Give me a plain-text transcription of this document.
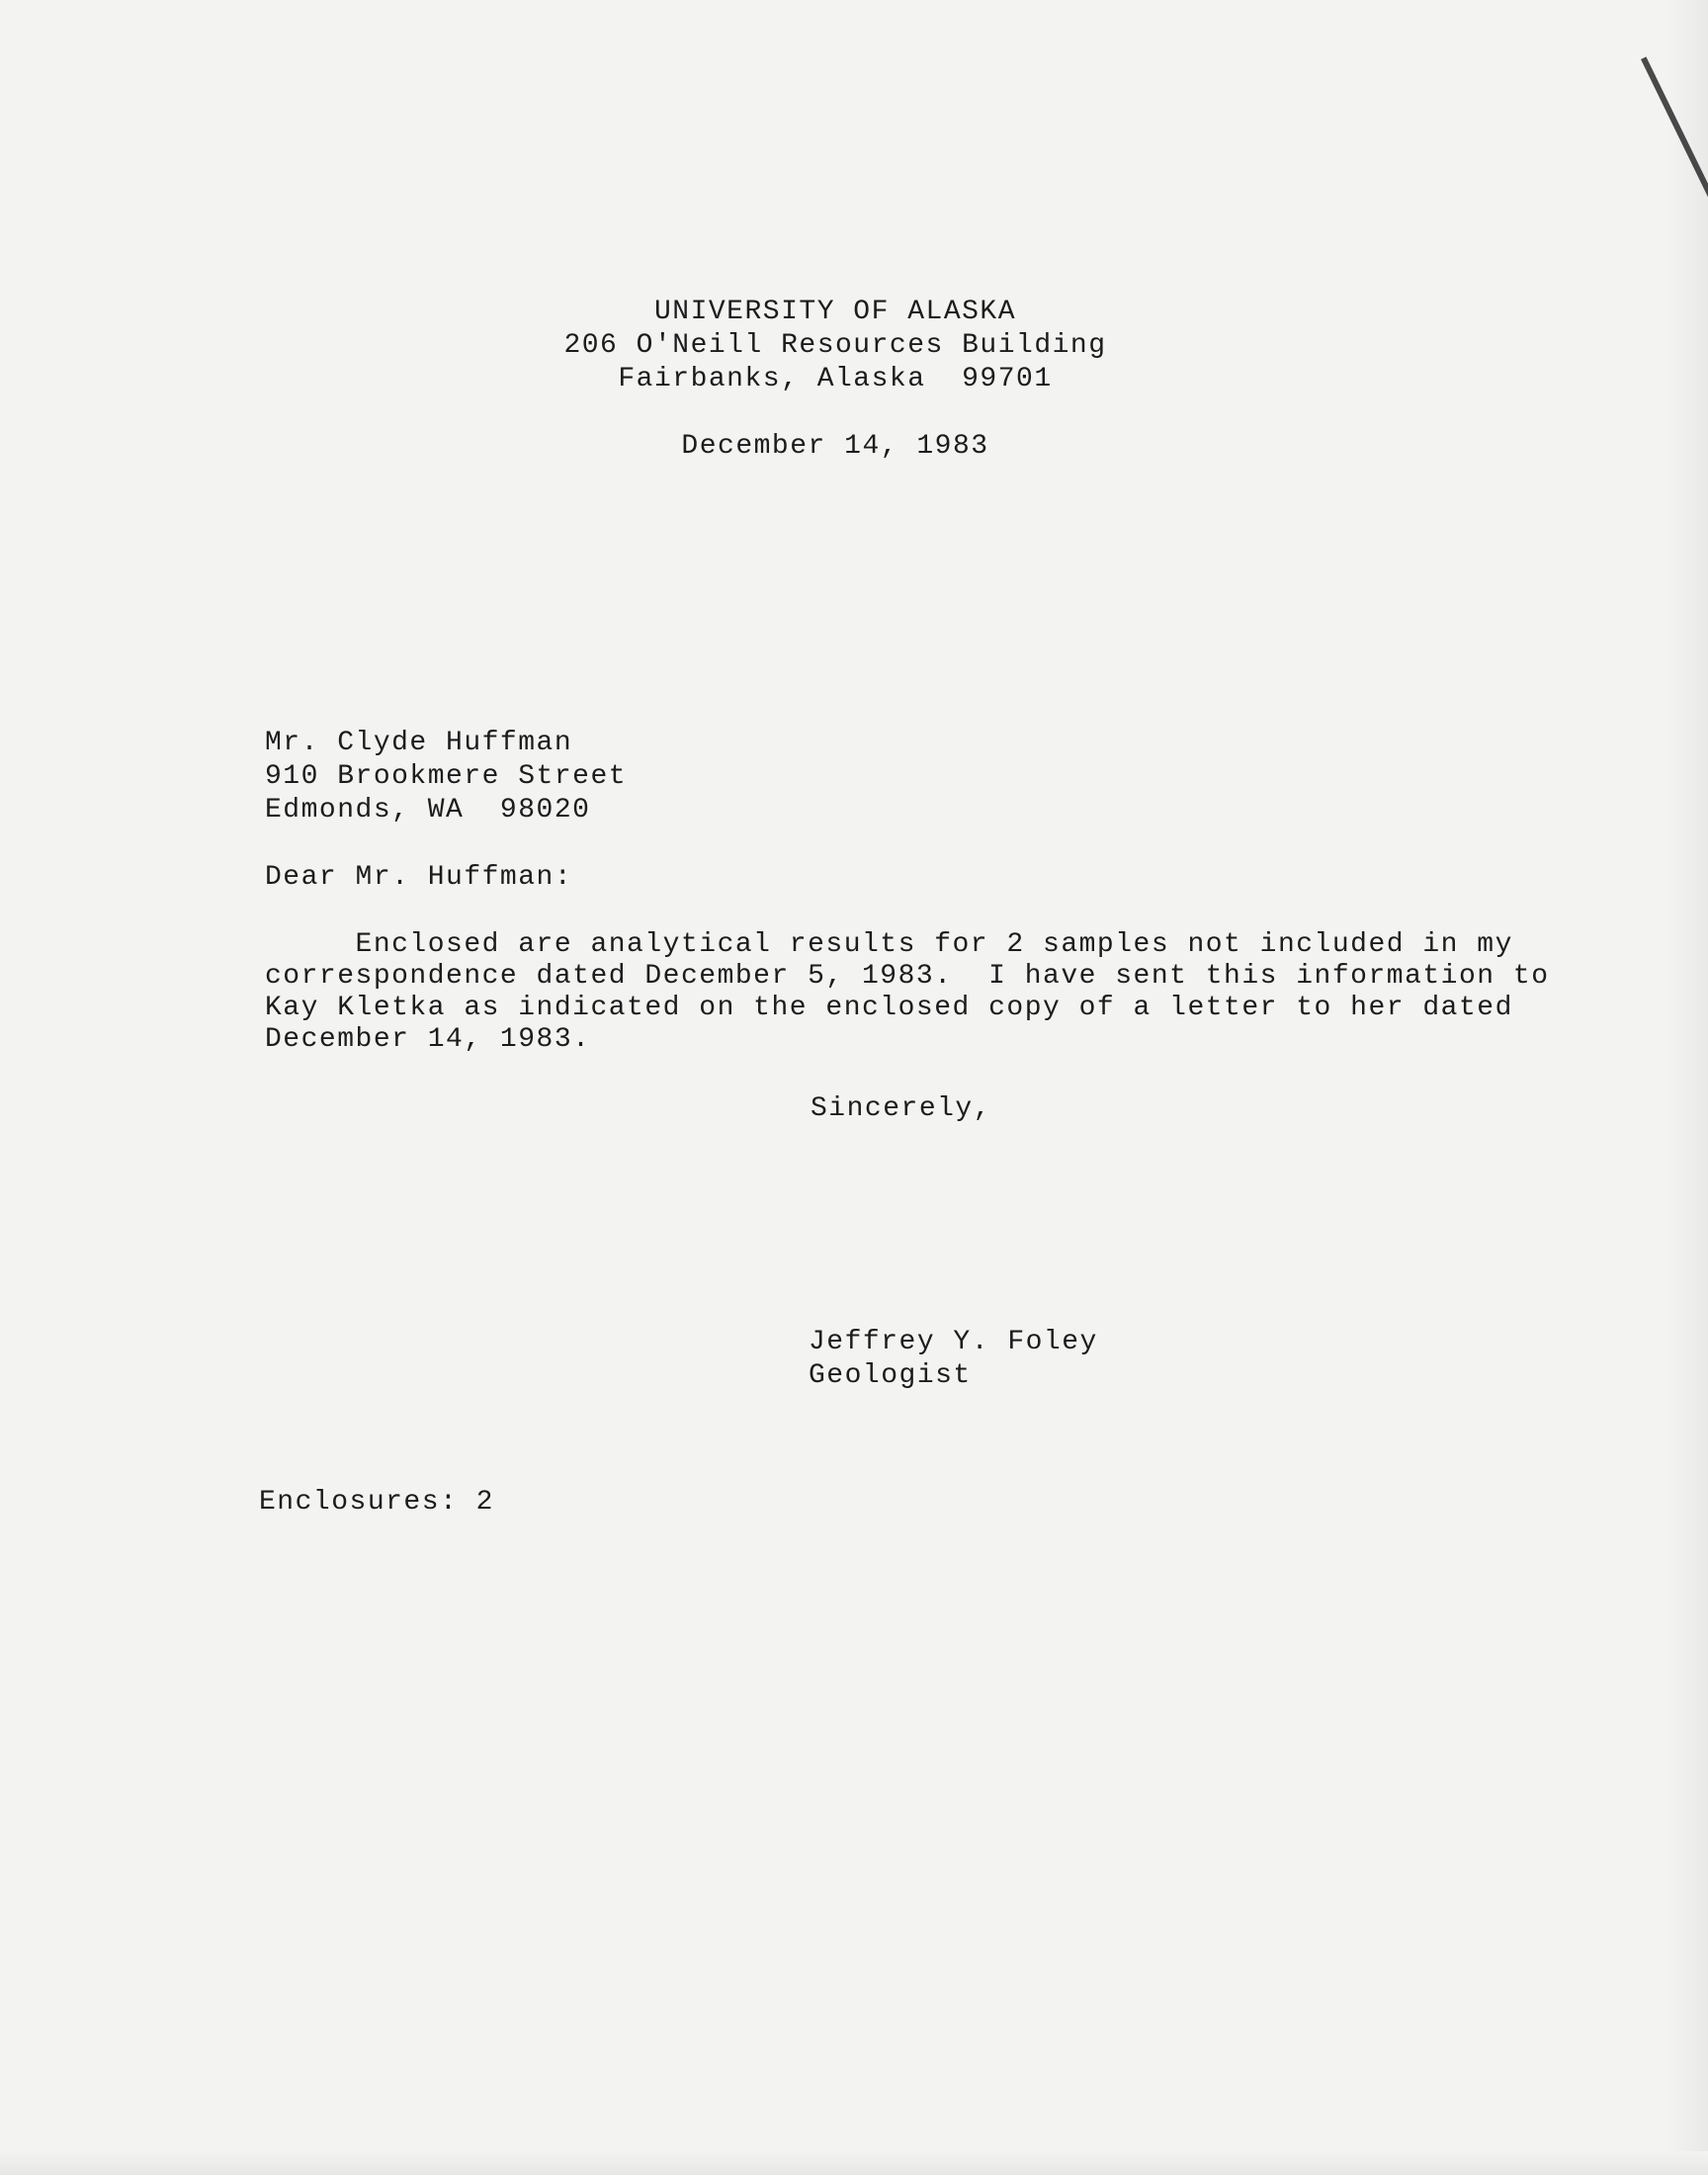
UNIVERSITY OF ALASKA
206 O'Neill Resources Building
Fairbanks, Alaska  99701
December 14, 1983
Mr. Clyde Huffman
910 Brookmere Street
Edmonds, WA  98020
Dear Mr. Huffman:
Enclosed are analytical results for 2 samples not included in my
correspondence dated December 5, 1983.  I have sent this information to
Kay Kletka as indicated on the enclosed copy of a letter to her dated
December 14, 1983.
Sincerely,
Jeffrey Y. Foley
Geologist
Enclosures: 2
